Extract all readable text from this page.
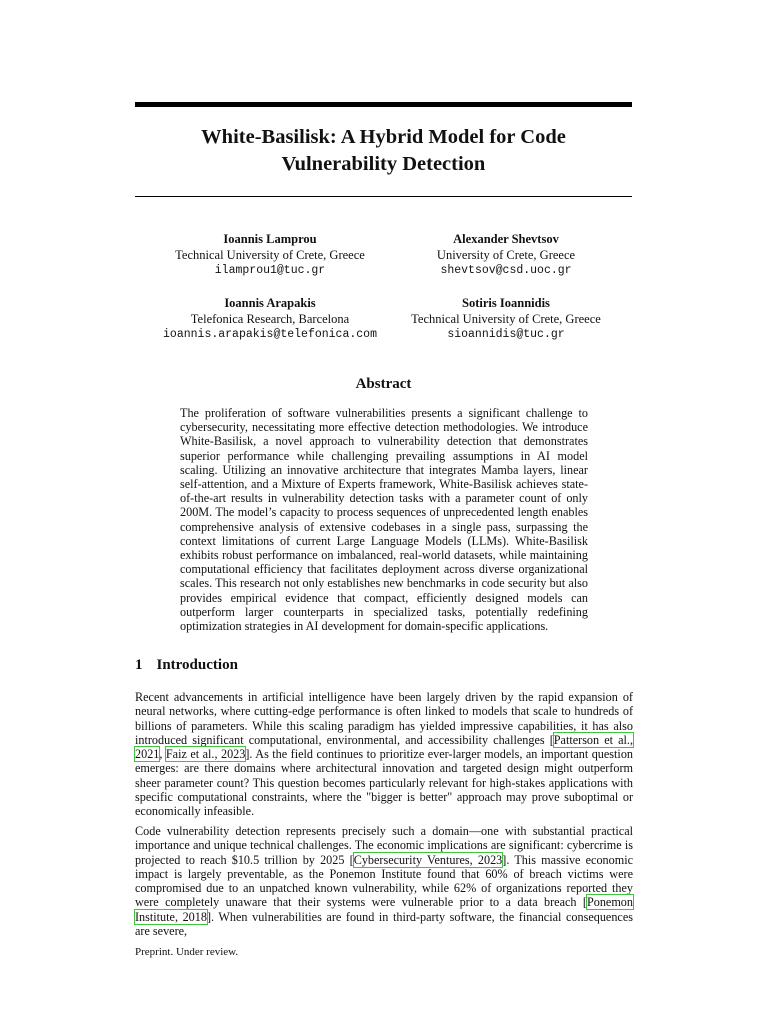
White-Basilisk: A Hybrid Model for Code
Vulnerability Detection
Ioannis Lamprou
Technical University of Crete, Greece
ilamprou1@tuc.gr
Alexander Shevtsov
University of Crete, Greece
shevtsov@csd.uoc.gr
Ioannis Arapakis
Telefonica Research, Barcelona
ioannis.arapakis@telefonica.com
Sotiris Ioannidis
Technical University of Crete, Greece
sioannidis@tuc.gr
Abstract
The proliferation of software vulnerabilities presents a significant challenge to cybersecurity, necessitating more effective detection methodologies. We introduce White-Basilisk, a novel approach to vulnerability detection that demonstrates superior performance while challenging prevailing assumptions in AI model scaling. Utilizing an innovative architecture that integrates Mamba layers, linear self-attention, and a Mixture of Experts framework, White-Basilisk achieves state-of-the-art results in vulnerability detection tasks with a parameter count of only 200M. The model’s capacity to process sequences of unprecedented length enables comprehensive analysis of extensive codebases in a single pass, surpassing the context limitations of current Large Language Models (LLMs). White-Basilisk exhibits robust performance on imbalanced, real-world datasets, while maintaining computational efficiency that facilitates deployment across diverse organizational scales. This research not only establishes new benchmarks in code security but also provides empirical evidence that compact, efficiently designed models can outperform larger counterparts in specialized tasks, potentially redefining optimization strategies in AI development for domain-specific applications.
1 Introduction
Recent advancements in artificial intelligence have been largely driven by the rapid expansion of neural networks, where cutting-edge performance is often linked to models that scale to hundreds of billions of parameters. While this scaling paradigm has yielded impressive capabilities, it has also introduced significant computational, environmental, and accessibility challenges [Patterson et al., 2021, Faiz et al., 2023]. As the field continues to prioritize ever-larger models, an important question emerges: are there domains where architectural innovation and targeted design might outperform sheer parameter count? This question becomes particularly relevant for high-stakes applications with specific computational constraints, where the "bigger is better" approach may prove suboptimal or economically infeasible.
Code vulnerability detection represents precisely such a domain—one with substantial practical importance and unique technical challenges. The economic implications are significant: cybercrime is projected to reach $10.5 trillion by 2025 [Cybersecurity Ventures, 2023]. This massive economic impact is largely preventable, as the Ponemon Institute found that 60% of breach victims were compromised due to an unpatched known vulnerability, while 62% of organizations reported they were completely unaware that their systems were vulnerable prior to a data breach [Ponemon Institute, 2018]. When vulnerabilities are found in third-party software, the financial consequences are severe,
Preprint. Under review.
